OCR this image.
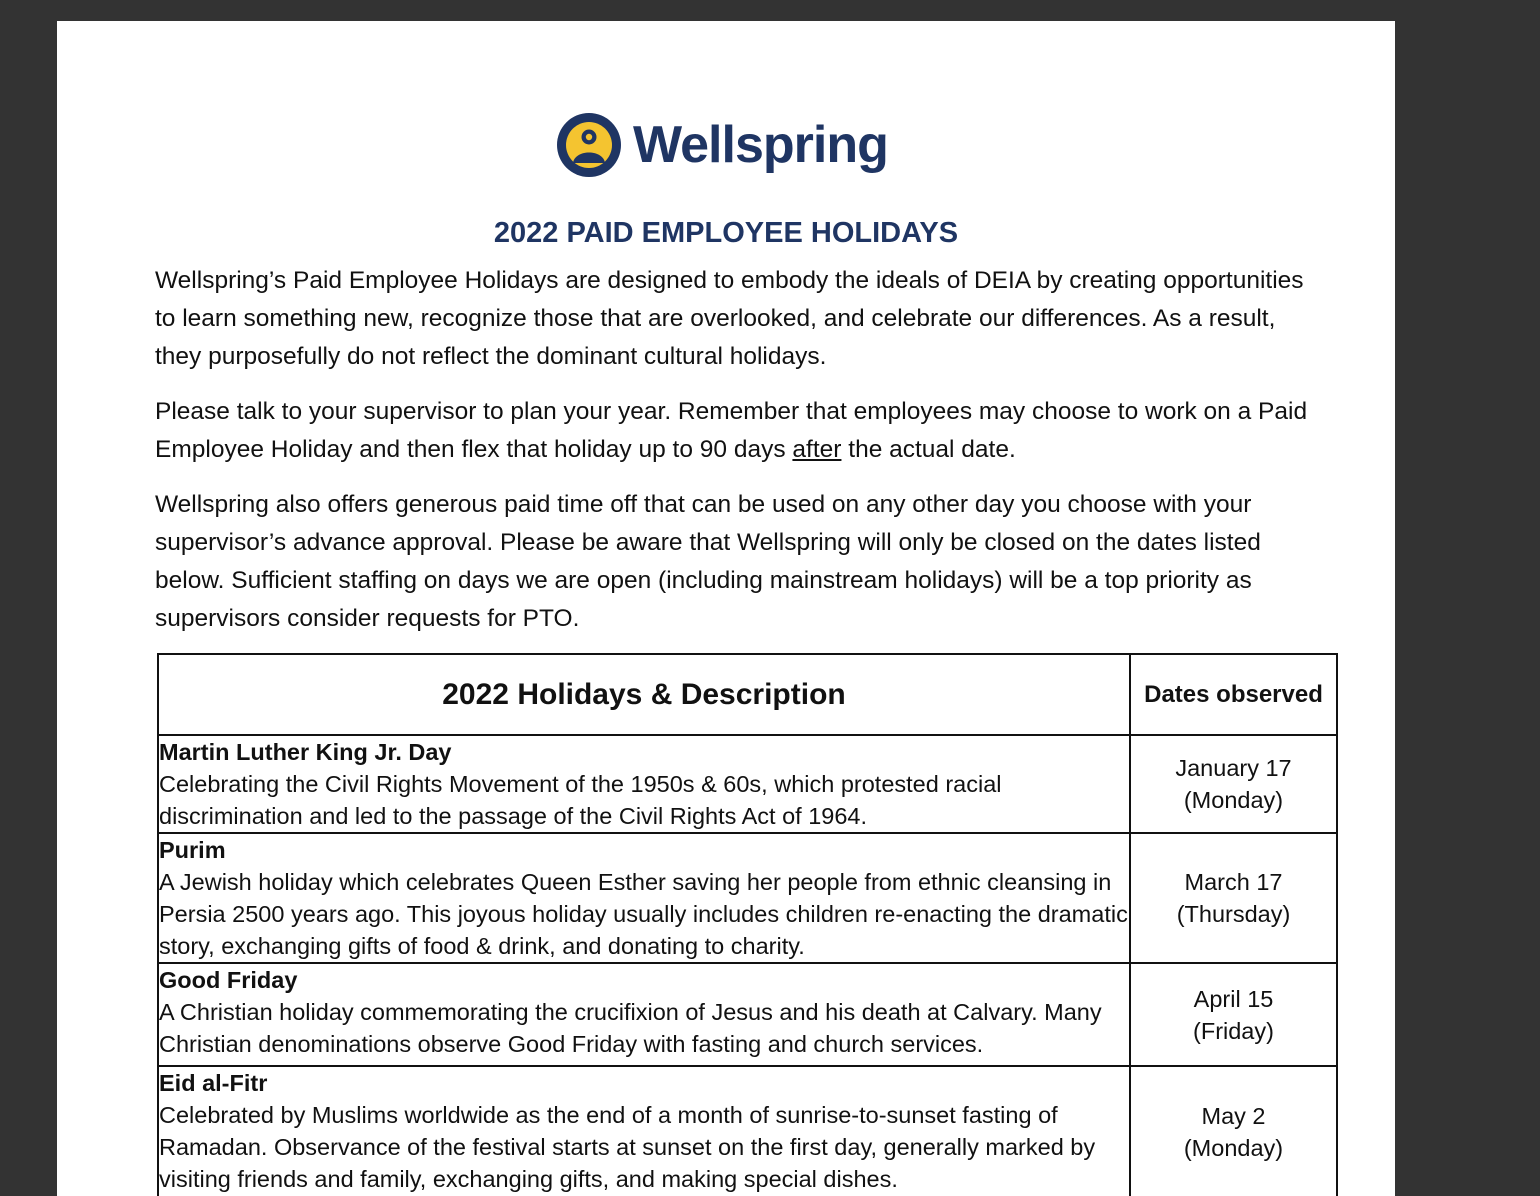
Wellspring
2022 PAID EMPLOYEE HOLIDAYS

Wellspring’s Paid Employee Holidays are designed to embody the ideals of DEIA by creating opportunities to learn something new, recognize those that are overlooked, and celebrate our differences. As a result, they purposefully do not reflect the dominant cultural holidays.

Please talk to your supervisor to plan your year. Remember that employees may choose to work on a Paid Employee Holiday and then flex that holiday up to 90 days after the actual date.

Wellspring also offers generous paid time off that can be used on any other day you choose with your supervisor’s advance approval. Please be aware that Wellspring will only be closed on the dates listed below. Sufficient staffing on days we are open (including mainstream holidays) will be a top priority as supervisors consider requests for PTO.

2022 Holidays & Description	Dates observed

Martin Luther King Jr. Day
Celebrating the Civil Rights Movement of the 1950s & 60s, which protested racial discrimination and led to the passage of the Civil Rights Act of 1964.	January 17
(Monday)

Purim
A Jewish holiday which celebrates Queen Esther saving her people from ethnic cleansing in Persia 2500 years ago. This joyous holiday usually includes children re-enacting the dramatic story, exchanging gifts of food & drink, and donating to charity.	March 17
(Thursday)

Good Friday
A Christian holiday commemorating the crucifixion of Jesus and his death at Calvary. Many Christian denominations observe Good Friday with fasting and church services.	April 15
(Friday)

Eid al-Fitr
Celebrated by Muslims worldwide as the end of a month of sunrise-to-sunset fasting of Ramadan. Observance of the festival starts at sunset on the first day, generally marked by visiting friends and family, exchanging gifts, and making special dishes.	May 2
(Monday)
